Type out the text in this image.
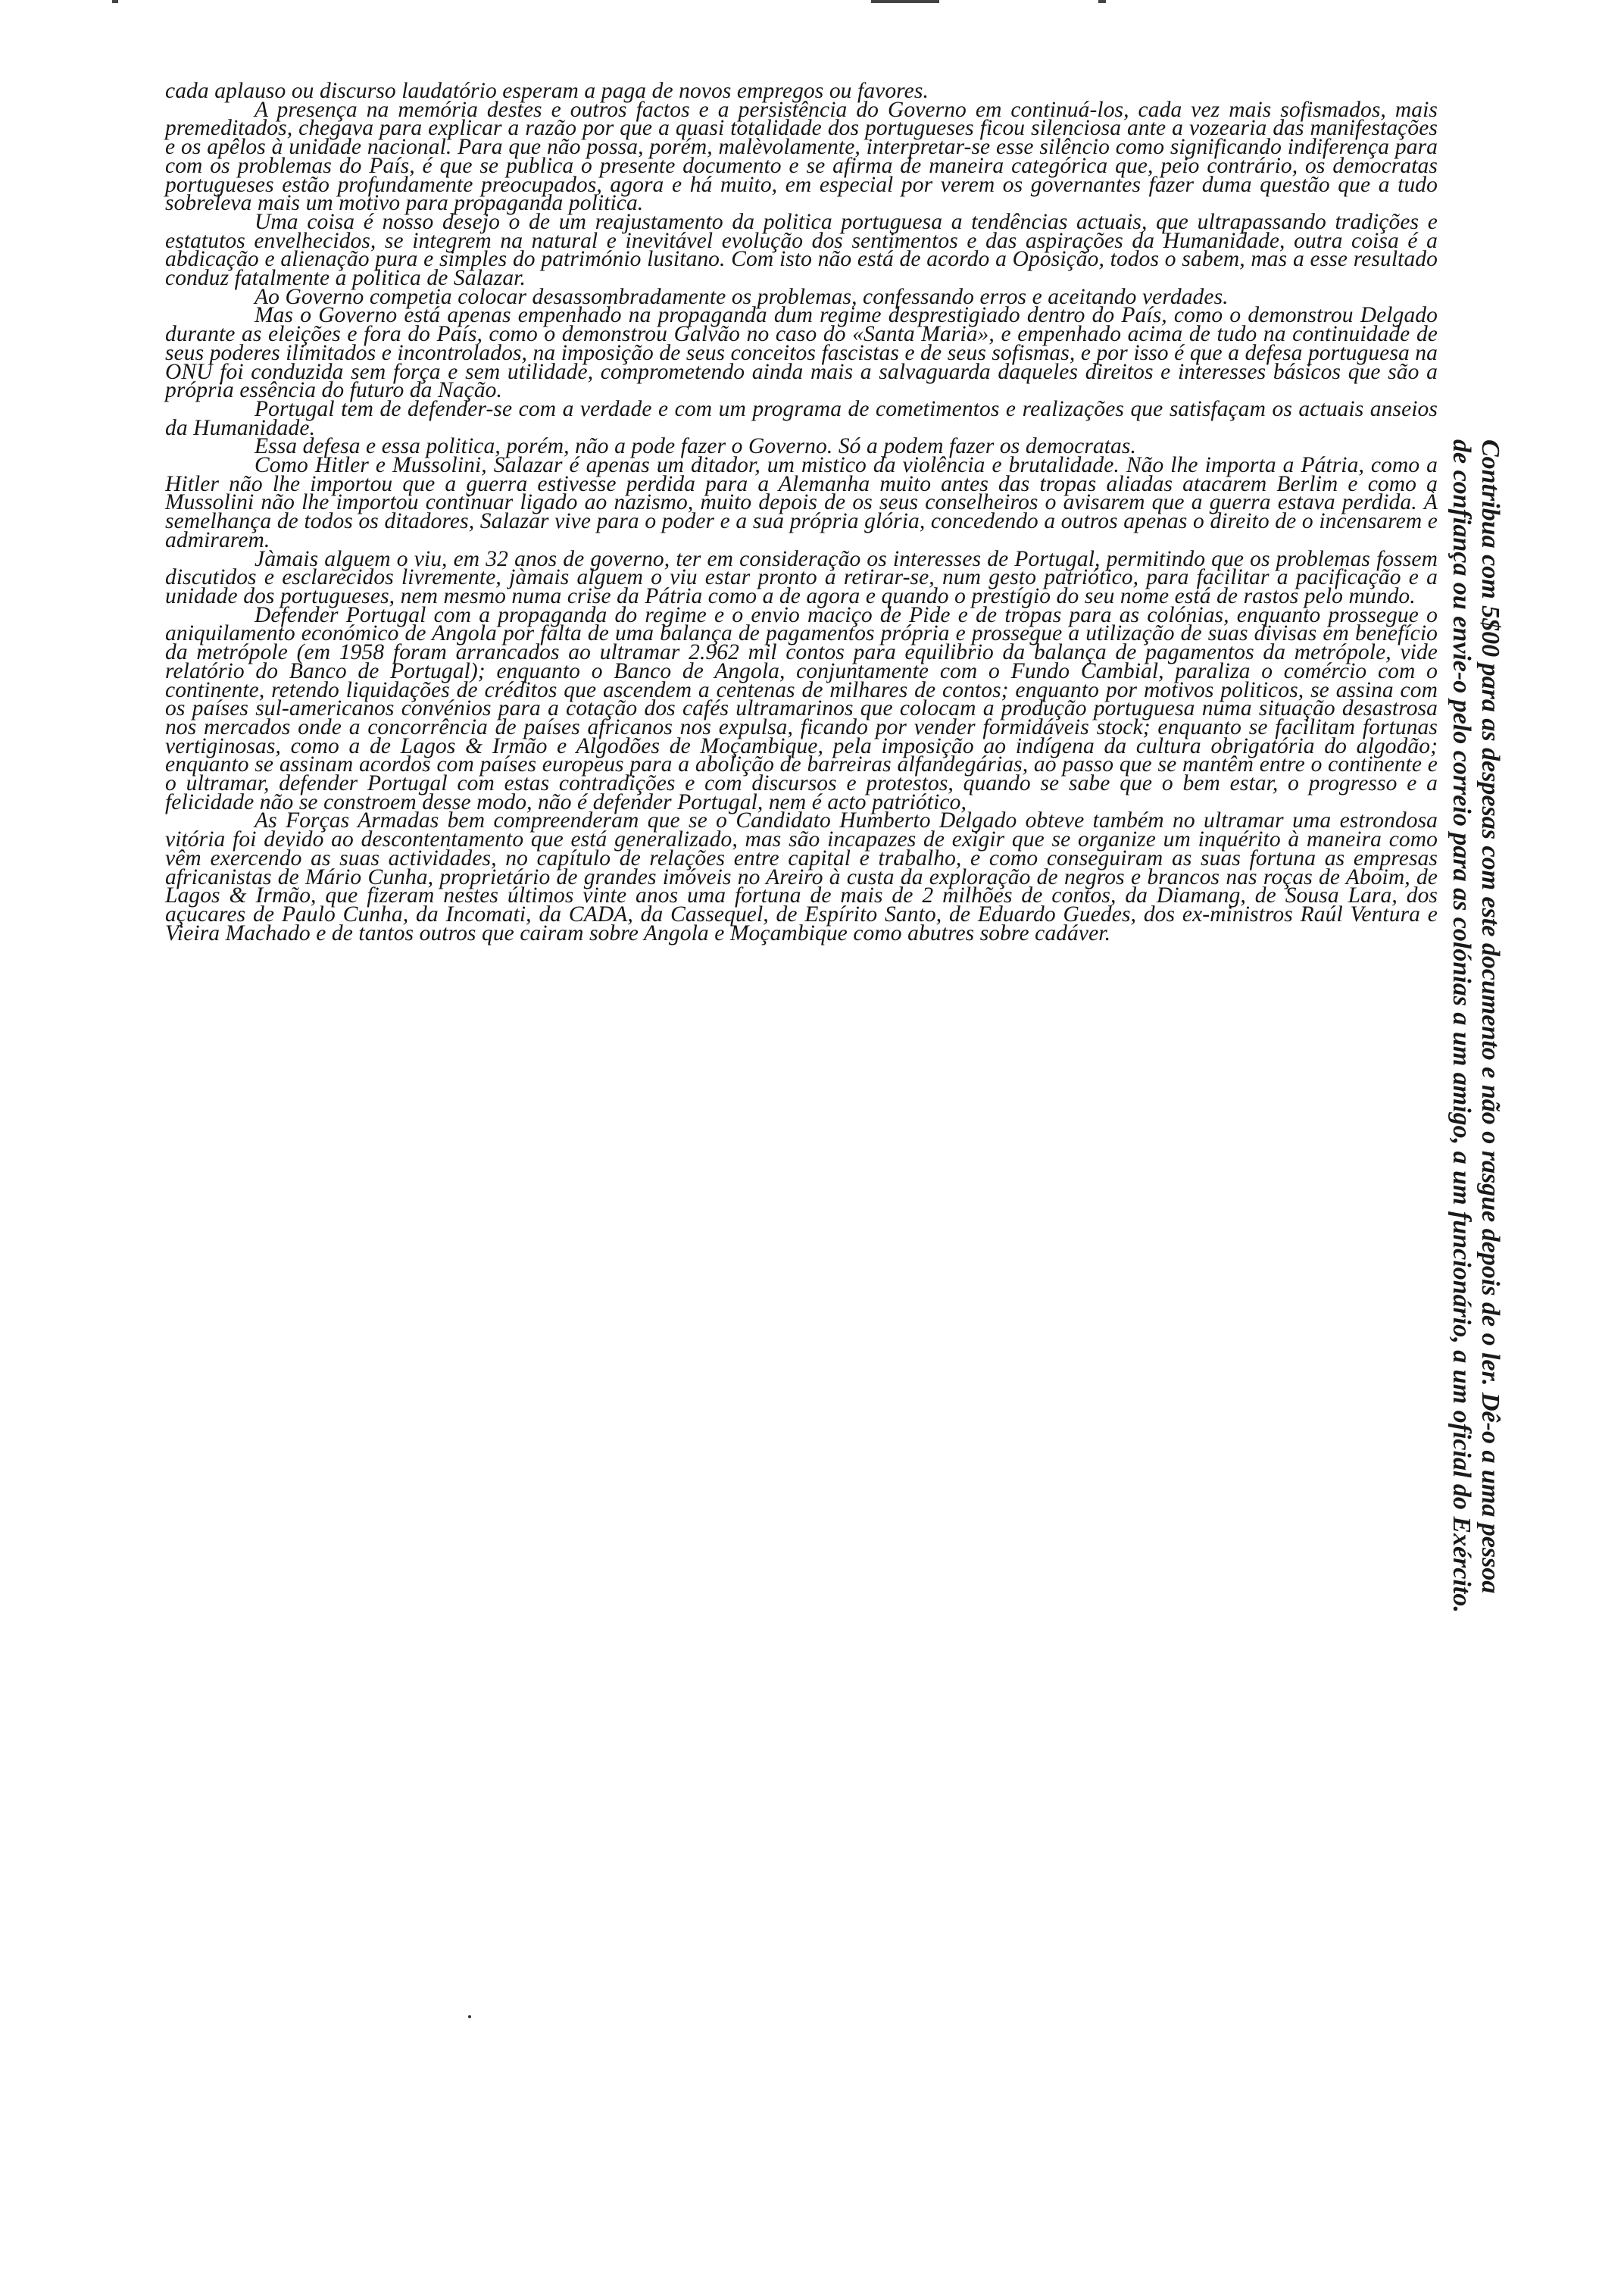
cada aplauso ou discurso laudatório esperam a paga de novos empregos ou favores.

A presença na memória destes e outros factos e a persistência do Governo em continuá-los, cada vez mais sofismados, mais premeditados, chegava para explicar a razão por que a quasi totalidade dos portugueses ficou silenciosa ante a vozearia das manifestações e os apêlos à unidade nacional. Para que não possa, porém, malèvolamente, interpretar-se esse silêncio como significando indiferença para com os problemas do País, é que se publica o presente documento e se afirma de maneira categórica que, peio contrário, os democratas portugueses estão profundamente preocupados, agora e há muito, em especial por verem os governantes fazer duma questão que a tudo sobreleva mais um motivo para propaganda politica.

Uma coisa é nosso desejo o de um reajustamento da politica portuguesa a tendências actuais, que ultrapassando tradições e estatutos envelhecidos, se integrem na natural e inevitável evolução dos sentimentos e das aspirações da Humanidade, outra coisa é a abdicação e alienação pura e simples do património lusitano. Com isto não está de acordo a Oposição, todos o sabem, mas a esse resultado conduz fatalmente a politica de Salazar.

Ao Governo competia colocar desassombradamente os problemas, confessando erros e aceitando verdades.

Mas o Governo está apenas empenhado na propaganda dum regime desprestigiado dentro do País, como o demonstrou Delgado durante as eleições e fora do País, como o demonstrou Galvão no caso do «Santa Maria», e empenhado acima de tudo na continuidade de seus poderes ilimitados e incontrolados, na imposição de seus conceitos fascistas e de seus sofismas, e por isso é que a defesa portuguesa na ONU foi conduzida sem força e sem utilidade, comprometendo ainda mais a salvaguarda daqueles direitos e interesses básicos que são a própria essência do futuro da Nação.

Portugal tem de defender-se com a verdade e com um programa de cometimentos e realizações que satisfaçam os actuais anseios da Humanidade.

Essa defesa e essa politica, porém, não a pode fazer o Governo. Só a podem fazer os democratas.

Como Hitler e Mussolini, Salazar é apenas um ditador, um mistico da violência e brutalidade. Não lhe importa a Pátria, como a Hitler não lhe importou que a guerra estivesse perdida para a Alemanha muito antes das tropas aliadas atacarem Berlim e como a Mussolini não lhe importou continuar ligado ao nazismo, muito depois de os seus conselheiros o avisarem que a guerra estava perdida. À semelhança de todos os ditadores, Salazar vive para o poder e a sua própria glória, concedendo a outros apenas o direito de o incensarem e admirarem.

Jàmais alguem o viu, em 32 anos de governo, ter em consideração os interesses de Portugal, permitindo que os problemas fossem discutidos e esclarecidos livremente, jàmais alguem o viu estar pronto a retirar-se, num gesto patriótico, para facilitar a pacificação e a unidade dos portugueses, nem mesmo numa crise da Pátria como a de agora e quando o prestígio do seu nome está de rastos pelo mundo.

Defender Portugal com a propaganda do regime e o envio maciço de Pide e de tropas para as colónias, enquanto prossegue o aniquilamento económico de Angola por falta de uma balança de pagamentos própria e prossegue a utilização de suas divisas em benefício da metrópole (em 1958 foram arrancados ao ultramar 2.962 mil contos para equilibrio da balança de pagamentos da metrópole, vide relatório do Banco de Portugal); enquanto o Banco de Angola, conjuntamente com o Fundo Cambial, paraliza o comércio com o continente, retendo liquidações de créditos que ascendem a centenas de milhares de contos; enquanto por motivos politicos, se assina com os países sul-americanos convénios para a cotação dos cafés ultramarinos que colocam a produção portuguesa numa situação desastrosa nos mercados onde a concorrência de países africanos nos expulsa, ficando por vender formidáveis stock; enquanto se facilitam fortunas vertiginosas, como a de Lagos & Irmão e Algodões de Moçambique, pela imposição ao indígena da cultura obrigatória do algodão; enquanto se assinam acordos com países europeus para a abolição de barreiras alfandegárias, ao passo que se mantêm entre o continente e o ultramar, defender Portugal com estas contradições e com discursos e protestos, quando se sabe que o bem estar, o progresso e a felicidade não se constroem desse modo, não é defender Portugal, nem é acto patriótico,

As Forças Armadas bem compreenderam que se o Candidato Humberto Delgado obteve também no ultramar uma estrondosa vitória foi devido ao descontentamento que está generalizado, mas são incapazes de exigir que se organize um inquérito à maneira como vêm exercendo as suas actividades, no capítulo de relações entre capital e trabalho, e como conseguiram as suas fortuna as empresas africanistas de Mário Cunha, proprietário de grandes imóveis no Areiro à custa da exploração de negros e brancos nas roças de Aboim, de Lagos & Irmão, que fizeram nestes últimos vinte anos uma fortuna de mais de 2 milhões de contos, da Diamang, de Sousa Lara, dos açucares de Paulo Cunha, da Incomati, da CADA, da Cassequel, de Espírito Santo, de Eduardo Guedes, dos ex-ministros Raúl Ventura e Vieira Machado e de tantos outros que cairam sobre Angola e Moçambique como abutres sobre cadáver.	Contribua com 5$00 para as despesas com este documento e não o rasgue depois de o ler. Dê-o a uma pessoa
de confiança ou envie-o pelo correio para as colónias a um amigo, a um funcionário, a um oficial do Exército.
